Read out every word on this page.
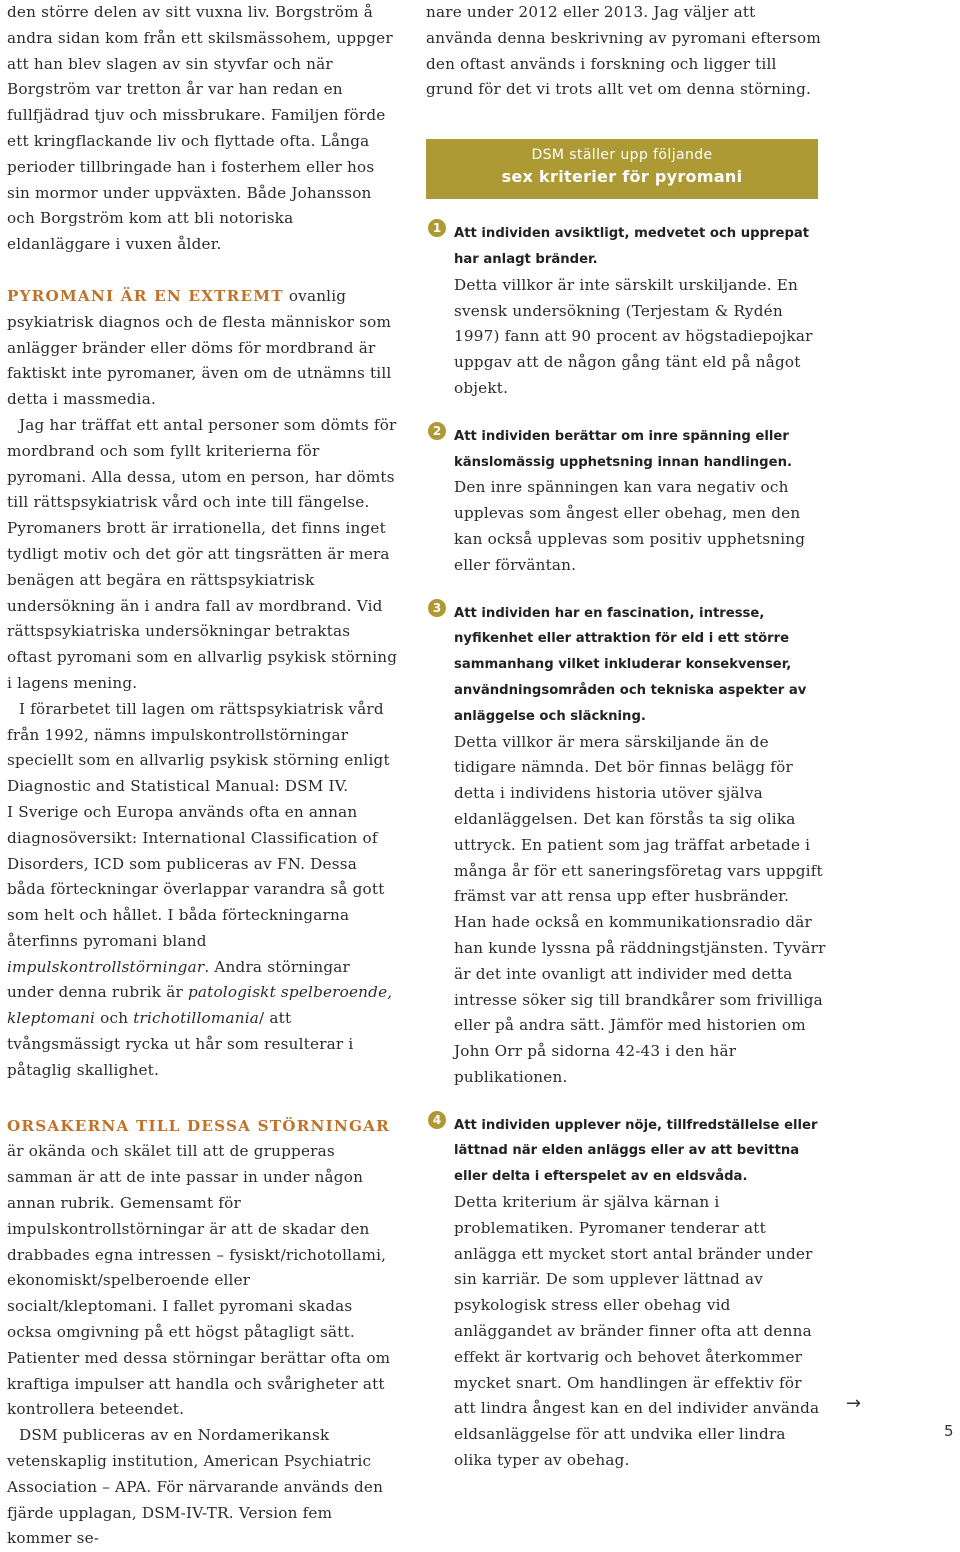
den större delen av sitt vuxna liv. Borgström å andra sidan kom från ett skilsmässohem, uppger att han blev slagen av sin styvfar och när Borgström var tretton år var han redan en fullfjädrad tjuv och missbrukare. Familjen förde ett kringflackande liv och flyttade ofta. Långa perioder tillbringade han i fosterhem eller hos sin mormor under uppväxten. Både Johansson och Borgström kom att bli notoriska eldanläggare i vuxen ålder.

PYROMANI ÄR EN EXTREMT ovanlig psykiatrisk diagnos och de flesta människor som anlägger bränder eller döms för mordbrand är faktiskt inte pyromaner, även om de utnämns till detta i massmedia.

Jag har träffat ett antal personer som dömts för mordbrand och som fyllt kriterierna för pyromani. Alla dessa, utom en person, har dömts till rättspsykiatrisk vård och inte till fängelse. Pyromaners brott är irrationella, det finns inget tydligt motiv och det gör att tingsrätten är mera benägen att begära en rättspsykiatrisk undersökning än i andra fall av mordbrand. Vid rättspsykiatriska undersökningar betraktas oftast pyromani som en allvarlig psykisk störning i lagens mening.

I förarbetet till lagen om rättspsykiatrisk vård från 1992, nämns impulskontrollstörningar speciellt som en allvarlig psykisk störning enligt Diagnostic and Statistical Manual: DSM IV.

I Sverige och Europa används ofta en annan diagnosöversikt: International Classification of Disorders, ICD som publiceras av FN. Dessa båda förteckningar överlappar varandra så gott som helt och hållet. I båda förteckningarna återfinns pyromani bland impulskontrollstörningar. Andra störningar under denna rubrik är patologiskt spelberoende, kleptomani och trichotillomania/ att tvångsmässigt rycka ut hår som resulterar i påtaglig skallighet.

ORSAKERNA TILL DESSA STÖRNINGAR är okända och skälet till att de grupperas samman är att de inte passar in under någon annan rubrik. Gemensamt för impulskontrollstörningar är att de skadar den drabbades egna intressen – fysiskt/richotollami, ekonomiskt/spelberoende eller socialt/kleptomani. I fallet pyromani skadas ocksa omgivning på ett högst påtagligt sätt. Patienter med dessa störningar berättar ofta om kraftiga impulser att handla och svårigheter att kontrollera beteendet.

DSM publiceras av en Nordamerikansk vetenskaplig institution, American Psychiatric Association – APA. För närvarande används den fjärde upplagan, DSM-IV-TR. Version fem kommer se-

nare under 2012 eller 2013. Jag väljer att använda denna beskrivning av pyromani eftersom den oftast används i forskning och ligger till grund för det vi trots allt vet om denna störning.

DSM ställer upp följande
sex kriterier för pyromani
1 Att individen avsiktligt, medvetet och upprepat har anlagt bränder.
Detta villkor är inte särskilt urskiljande. En svensk undersökning (Terjestam & Rydén 1997) fann att 90 procent av högstadiepojkar uppgav att de någon gång tänt eld på något objekt.
2 Att individen berättar om inre spänning eller känslomässig upphetsning innan handlingen.
Den inre spänningen kan vara negativ och upplevas som ångest eller obehag, men den kan också upplevas som positiv upphetsning eller förväntan.
3 Att individen har en fascination, intresse, nyfikenhet eller attraktion för eld i ett större sammanhang vilket inkluderar konsekvenser, användningsområden och tekniska aspekter av anläggelse och släckning.
Detta villkor är mera särskiljande än de tidigare nämnda. Det bör finnas belägg för detta i individens historia utöver själva eldanläggelsen. Det kan förstås ta sig olika uttryck. En patient som jag träffat arbetade i många år för ett saneringsföretag vars uppgift främst var att rensa upp efter husbränder. Han hade också en kommunikationsradio där han kunde lyssna på räddningstjänsten. Tyvärr är det inte ovanligt att individer med detta intresse söker sig till brandkårer som frivilliga eller på andra sätt. Jämför med historien om John Orr på sidorna 42-43 i den här publikationen.
4 Att individen upplever nöje, tillfredställelse eller lättnad när elden anläggs eller av att bevittna eller delta i efterspelet av en eldsvåda.
Detta kriterium är själva kärnan i problematiken. Pyromaner tenderar att anlägga ett mycket stort antal bränder under sin karriär. De som upplever lättnad av psykologisk stress eller obehag vid anläggandet av bränder finner ofta att denna effekt är kortvarig och behovet återkommer mycket snart. Om handlingen är effektiv för att lindra ångest kan en del individer använda eldsanläggelse för att undvika eller lindra olika typer av obehag.
→
5
